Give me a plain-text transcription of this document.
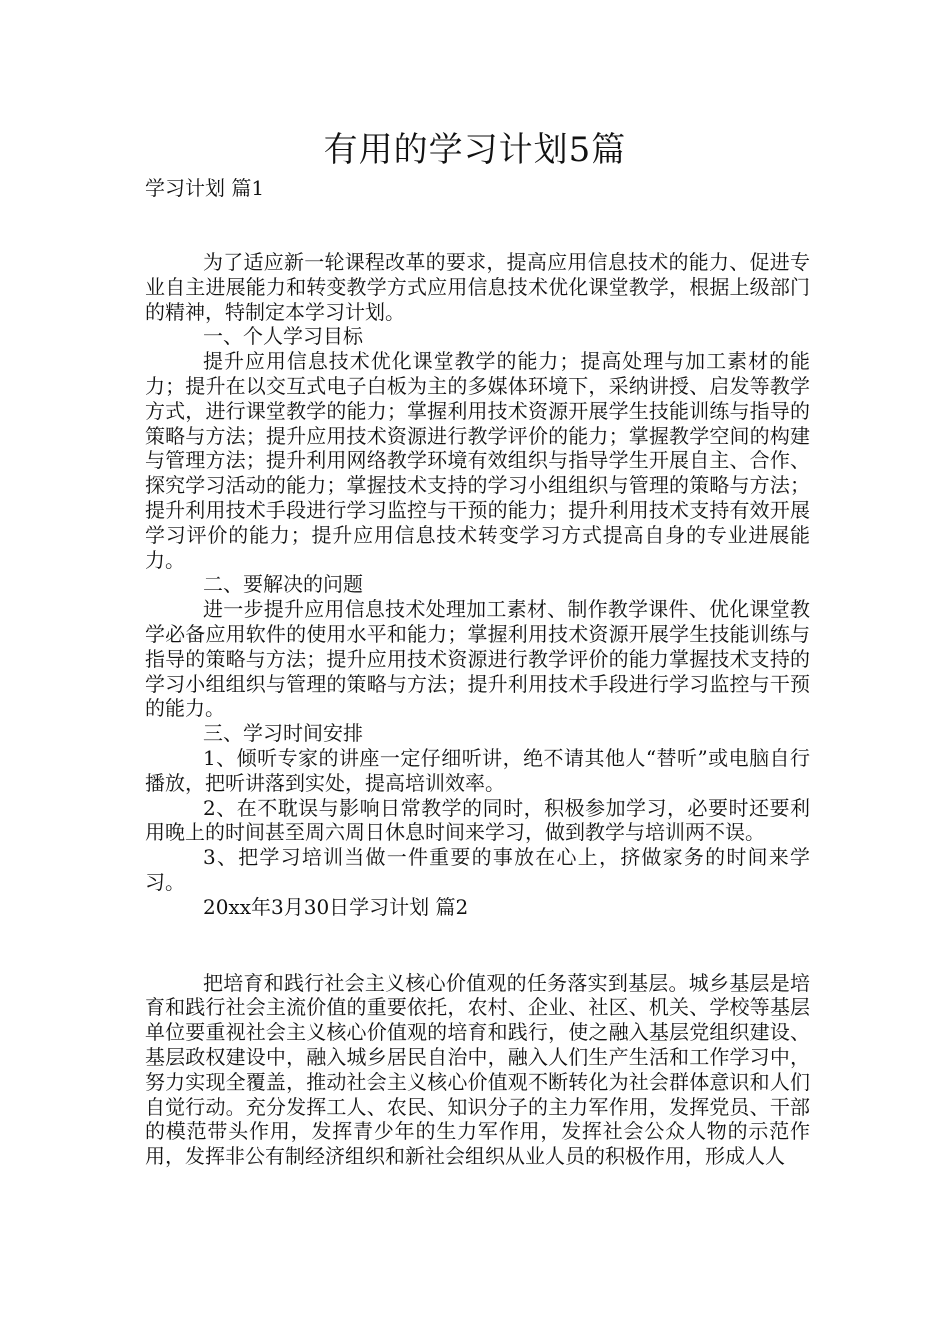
有用的学习计划5篇
学习计划 篇1

为了适应新一轮课程改革的要求，提高应用信息技术的能力、促进专业自主进展能力和转变教学方式应用信息技术优化课堂教学，根据上级部门的精神，特制定本学习计划。

一、个人学习目标

提升应用信息技术优化课堂教学的能力；提高处理与加工素材的能力；提升在以交互式电子白板为主的多媒体环境下，采纳讲授、启发等教学方式，进行课堂教学的能力；掌握利用技术资源开展学生技能训练与指导的策略与方法；提升应用技术资源进行教学评价的能力；掌握教学空间的构建与管理方法；提升利用网络教学环境有效组织与指导学生开展自主、合作、探究学习活动的能力；掌握技术支持的学习小组组织与管理的策略与方法；提升利用技术手段进行学习监控与干预的能力；提升利用技术支持有效开展学习评价的能力；提升应用信息技术转变学习方式提高自身的专业进展能力。

二、要解决的问题

进一步提升应用信息技术处理加工素材、制作教学课件、优化课堂教学必备应用软件的使用水平和能力；掌握利用技术资源开展学生技能训练与指导的策略与方法；提升应用技术资源进行教学评价的能力掌握技术支持的学习小组组织与管理的策略与方法；提升利用技术手段进行学习监控与干预的能力。

三、学习时间安排

1、倾听专家的讲座一定仔细听讲，绝不请其他人“替听”或电脑自行播放，把听讲落到实处，提高培训效率。

2、在不耽误与影响日常教学的同时，积极参加学习，必要时还要利用晚上的时间甚至周六周日休息时间来学习，做到教学与培训两不误。

3、把学习培训当做一件重要的事放在心上，挤做家务的时间来学习。

20xx年3月30日学习计划 篇2

把培育和践行社会主义核心价值观的任务落实到基层。城乡基层是培育和践行社会主流价值的重要依托，农村、企业、社区、机关、学校等基层单位要重视社会主义核心价值观的培育和践行，使之融入基层党组织建设、基层政权建设中，融入城乡居民自治中，融入人们生产生活和工作学习中，努力实现全覆盖，推动社会主义核心价值观不断转化为社会群体意识和人们自觉行动。充分发挥工人、农民、知识分子的主力军作用，发挥党员、干部的模范带头作用，发挥青少年的生力军作用，发挥社会公众人物的示范作用，发挥非公有制经济组织和新社会组织从业人员的积极作用，形成人人
